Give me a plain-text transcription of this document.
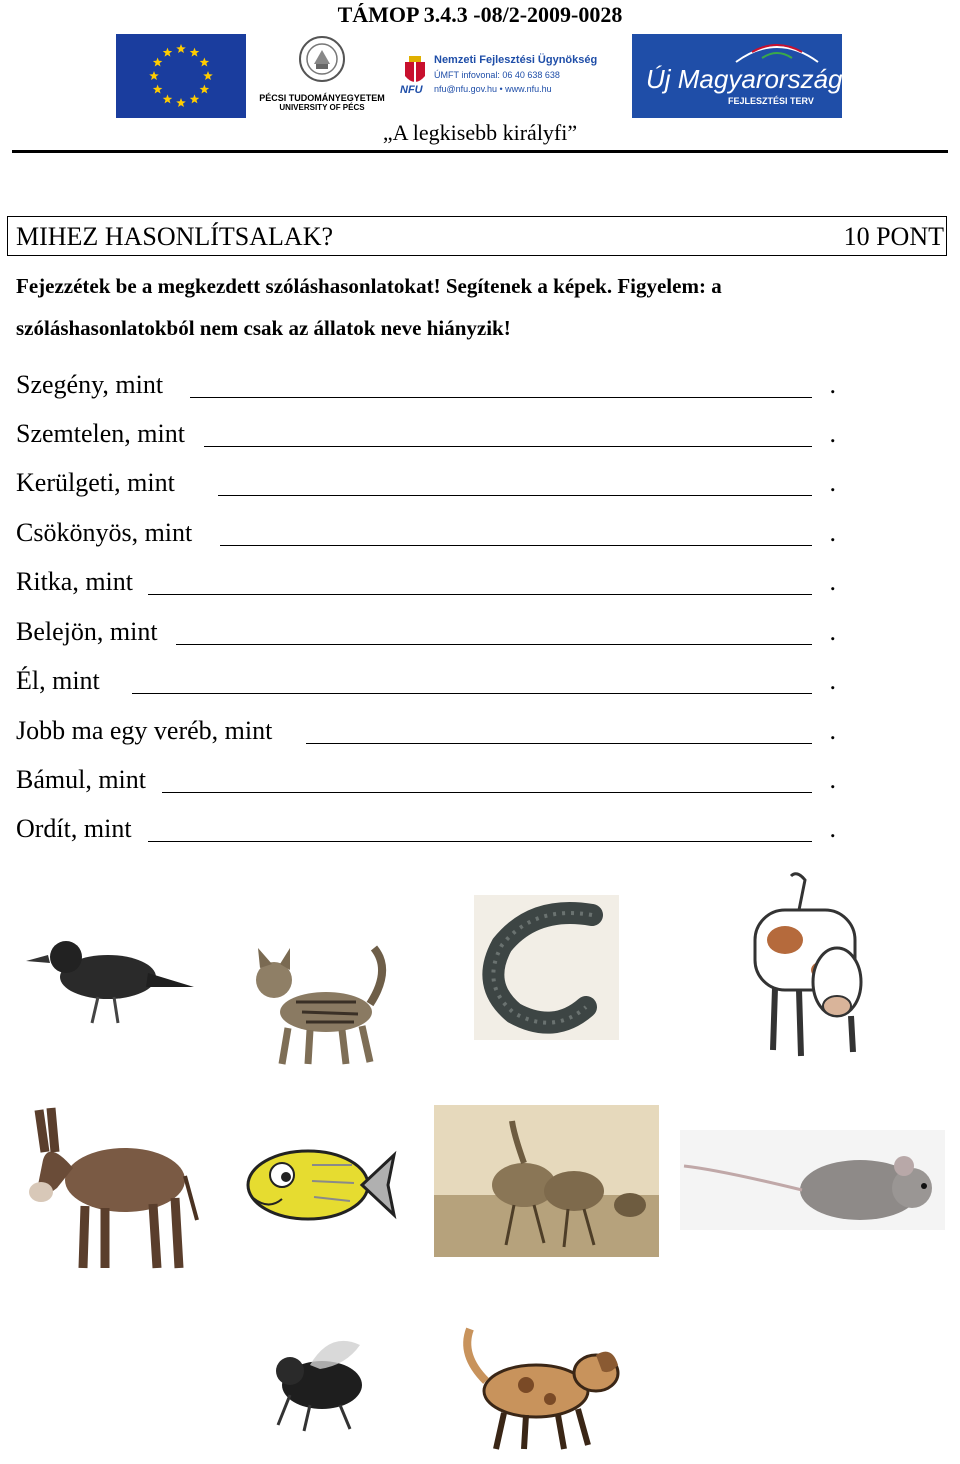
TÁMOP 3.4.3 -08/2-2009-0028
PÉCSI TUDOMÁNYEGYETEM
UNIVERSITY OF PÉCS
NFU
Nemzeti Fejlesztési Ügynökség
ÚMFT infovonal: 06 40 638 638
nfu@nfu.gov.hu • www.nfu.hu	Új Magyarország
FEJLESZTÉSI TERV
„A legkisebb királyfi”
MIHEZ HASONLÍTSALAK?	10 PONT
Fejezzétek be a megkezdett szóláshasonlatokat! Segítenek a képek. Figyelem: a
szóláshasonlatokból nem csak az állatok neve hiányzik!
Szegény, mint	.
Szemtelen, mint	.
Kerülgeti, mint	.
Csökönyös, mint	.
Ritka, mint	.
Belejön, mint	.
Él, mint	.
Jobb ma egy veréb, mint	.
Bámul, mint	.
Ordít, mint	.
